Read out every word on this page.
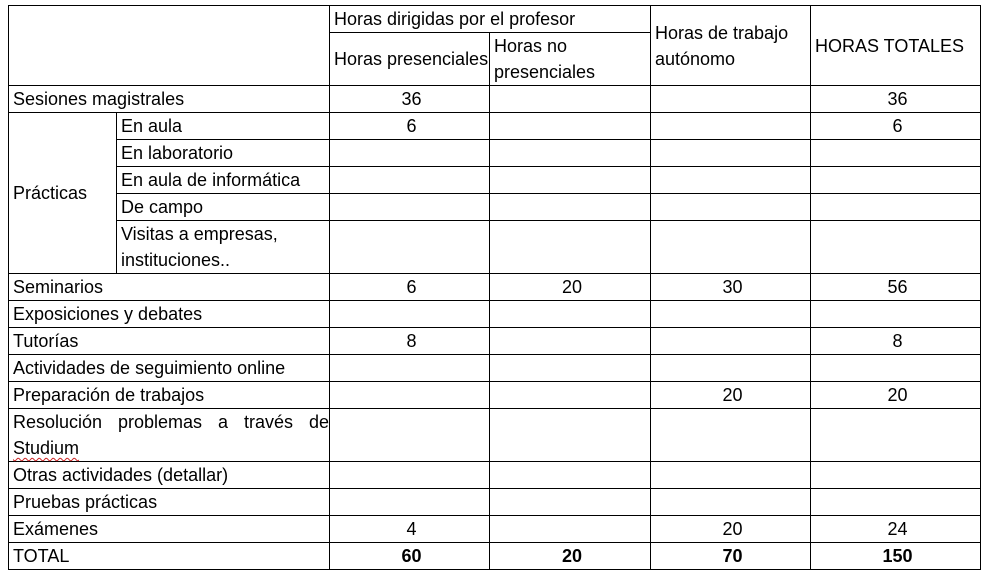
		Horas dirigidas por el profesor		Horas de trabajo autónomo	HORAS TOTALES
		Horas presenciales	Horas no presenciales		
Sesiones magistrales		36			36
Prácticas	En aula	6			6
	En laboratorio				
	En aula de informática				
	De campo				
	Visitas a empresas, instituciones..				
Seminarios		6	20	30	56
Exposiciones y debates					
Tutorías		8			8
Actividades de seguimiento online					
Preparación de trabajos				20	20
Resolución problemas a través de Studium					
Otras actividades (detallar)					
Pruebas prácticas					
Exámenes		4		20	24
TOTAL		60	20	70	150
